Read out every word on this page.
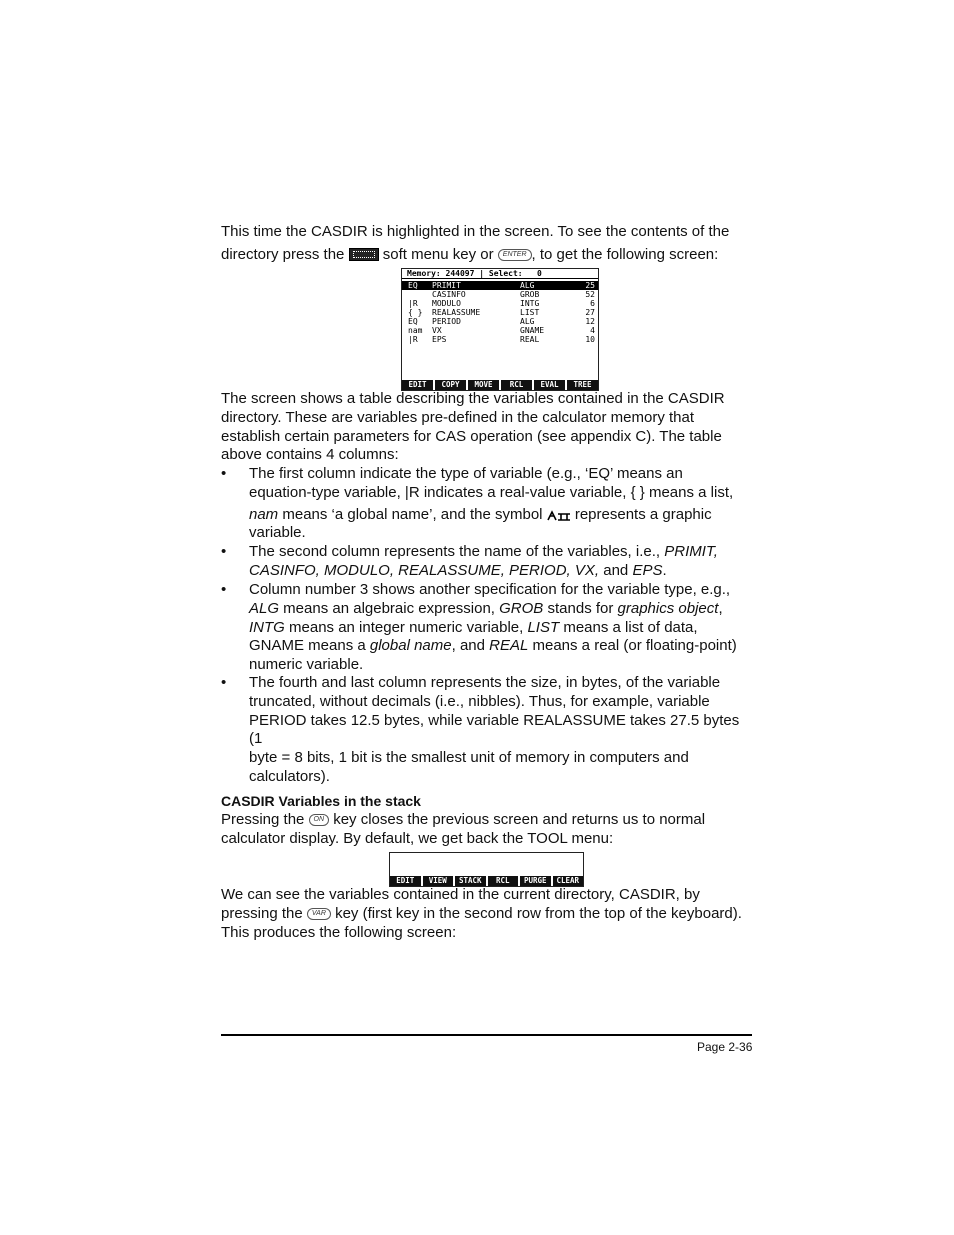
This time the CASDIR is highlighted in the screen. To see the contents of the

directory press the	soft menu key or ENTER , to get the following screen:

Memory: 244097 | Select:   0
EQ PRIMIT	ALG	25
CASINFO	GROB	52
|R MODULO	INTG	6
{ } REALASSUME	LIST	27
EQ PERIOD	ALG	12
nam VX	GNAME	4
|R EPS	REAL	10
EDIT	COPY	MOVE	RCL	EVAL	TREE

The screen shows a table describing the variables contained in the CASDIR

directory. These are variables pre-defined in the calculator memory that

establish certain parameters for CAS operation (see appendix C). The table

above contains 4 columns:

• The first column indicate the type of variable (e.g., ‘EQ’ means an
equation-type variable, |R indicates a real-value variable, { } means a list,
nam means ‘a global name’, and the symbol  represents a graphic
variable.
• The second column represents the name of the variables, i.e., PRIMIT,
CASINFO, MODULO, REALASSUME, PERIOD, VX, and EPS.
• Column number 3 shows another specification for the variable type, e.g.,
ALG means an algebraic expression, GROB stands for graphics object,
INTG means an integer numeric variable, LIST means a list of data,
GNAME means a global name, and REAL means a real (or floating-point)
numeric variable.
• The fourth and last column represents the size, in bytes, of the variable
truncated, without decimals (i.e., nibbles). Thus, for example, variable
PERIOD takes 12.5 bytes, while variable REALASSUME takes 27.5 bytes (1
byte = 8 bits, 1 bit is the smallest unit of memory in computers and
calculators).

CASDIR Variables in the stack

Pressing the ON key closes the previous screen and returns us to normal

calculator display. By default, we get back the TOOL menu:

EDIT	VIEW	STACK	RCL	PURGE	CLEAR

We can see the variables contained in the current directory, CASDIR, by

pressing the VAR key (first key in the second row from the top of the keyboard).

This produces the following screen:

Page 2-36
